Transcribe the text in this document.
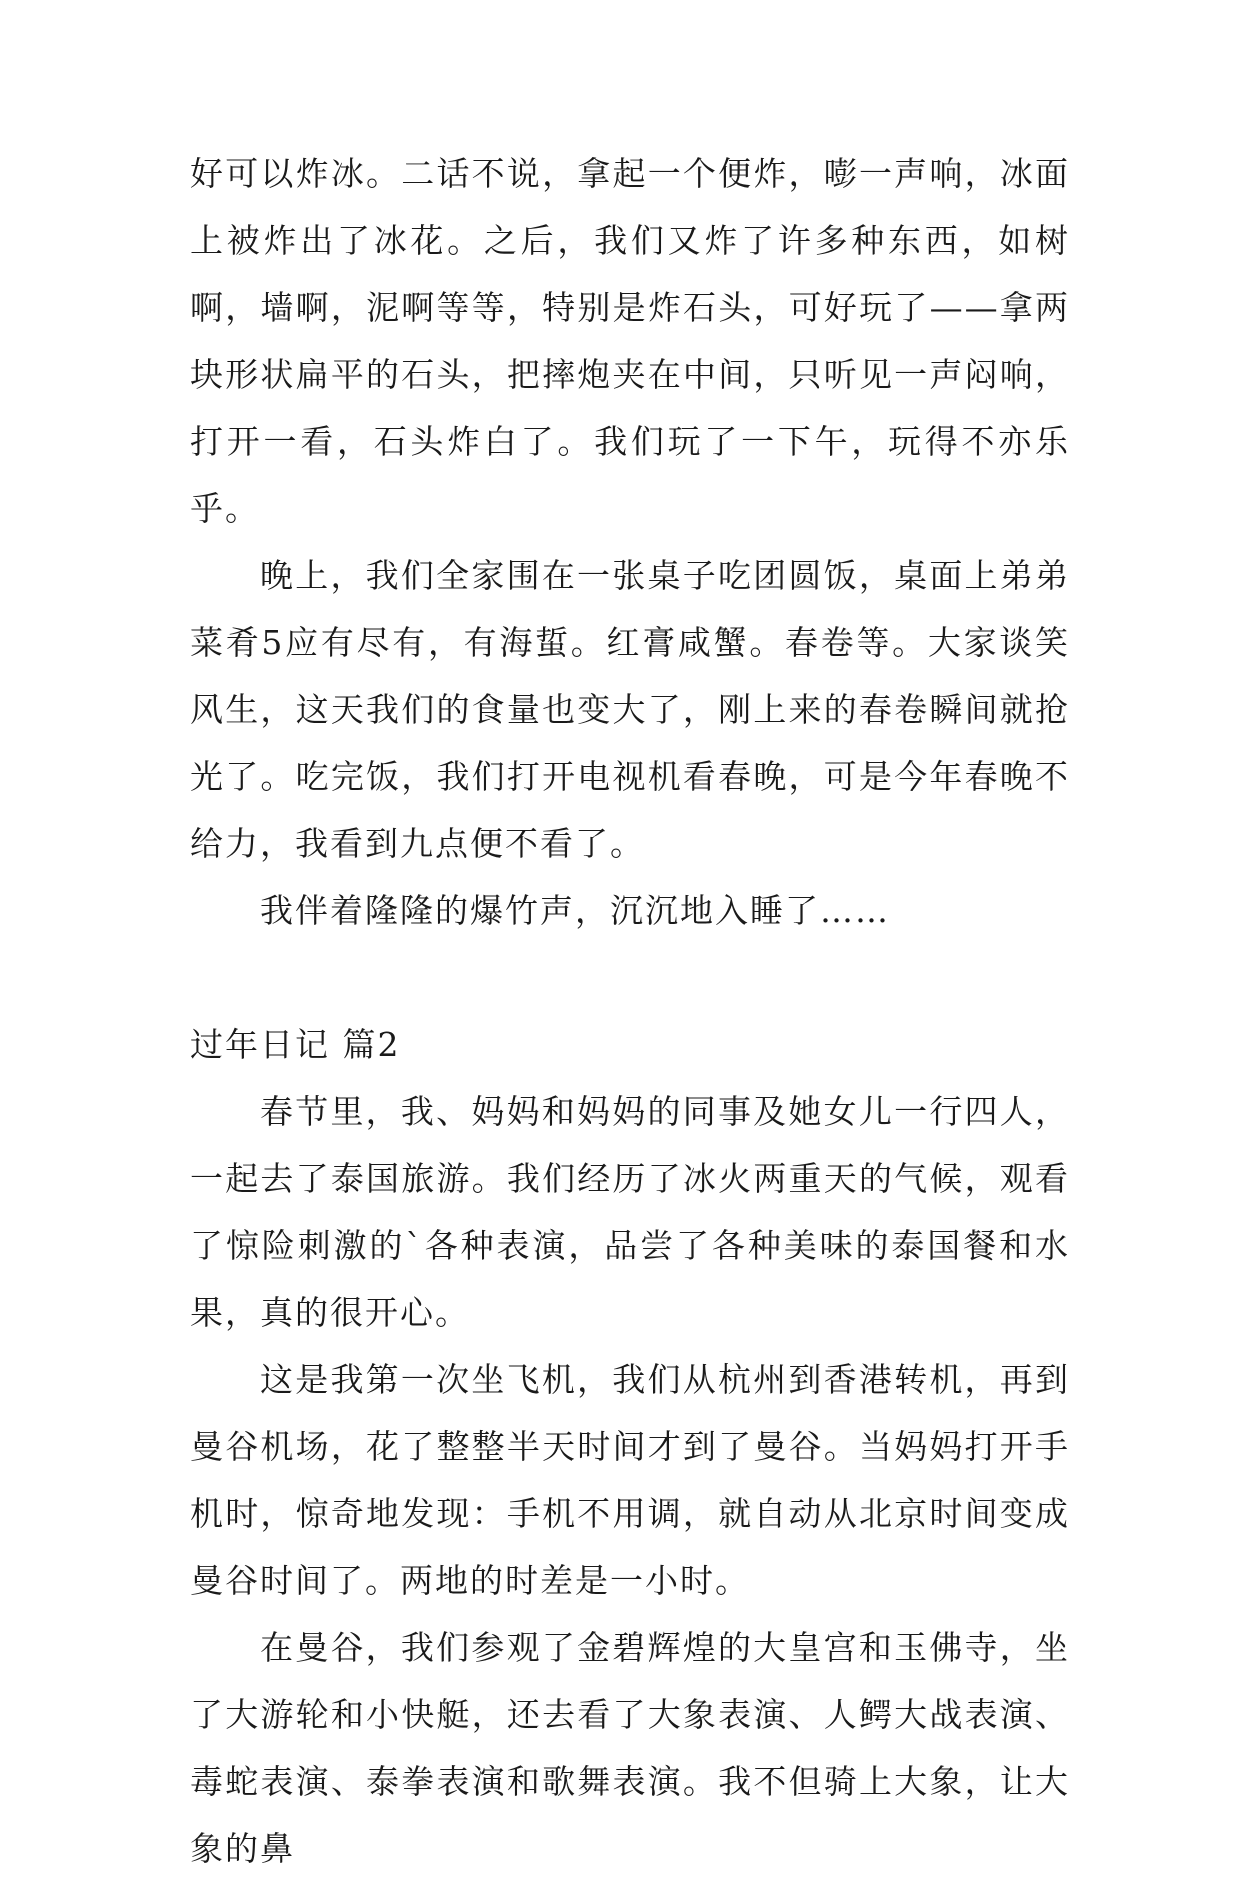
好可以炸冰。二话不说，拿起一个便炸，嘭一声响，冰面上被炸出了冰花。之后，我们又炸了许多种东西，如树啊，墙啊，泥啊等等，特别是炸石头，可好玩了——拿两块形状扁平的石头，把摔炮夹在中间，只听见一声闷响，打开一看，石头炸白了。我们玩了一下午，玩得不亦乐乎。

晚上，我们全家围在一张桌子吃团圆饭，桌面上弟弟菜肴5应有尽有，有海蜇。红膏咸蟹。春卷等。大家谈笑风生，这天我们的食量也变大了，刚上来的春卷瞬间就抢光了。吃完饭，我们打开电视机看春晚，可是今年春晚不给力，我看到九点便不看了。

我伴着隆隆的爆竹声，沉沉地入睡了……

过年日记 篇2

春节里，我、妈妈和妈妈的同事及她女儿一行四人，一起去了泰国旅游。我们经历了冰火两重天的气候，观看了惊险刺激的`各种表演，品尝了各种美味的泰国餐和水果，真的很开心。

这是我第一次坐飞机，我们从杭州到香港转机，再到曼谷机场，花了整整半天时间才到了曼谷。当妈妈打开手机时，惊奇地发现：手机不用调，就自动从北京时间变成曼谷时间了。两地的时差是一小时。

在曼谷，我们参观了金碧辉煌的大皇宫和玉佛寺，坐了大游轮和小快艇，还去看了大象表演、人鳄大战表演、毒蛇表演、泰拳表演和歌舞表演。我不但骑上大象，让大象的鼻
